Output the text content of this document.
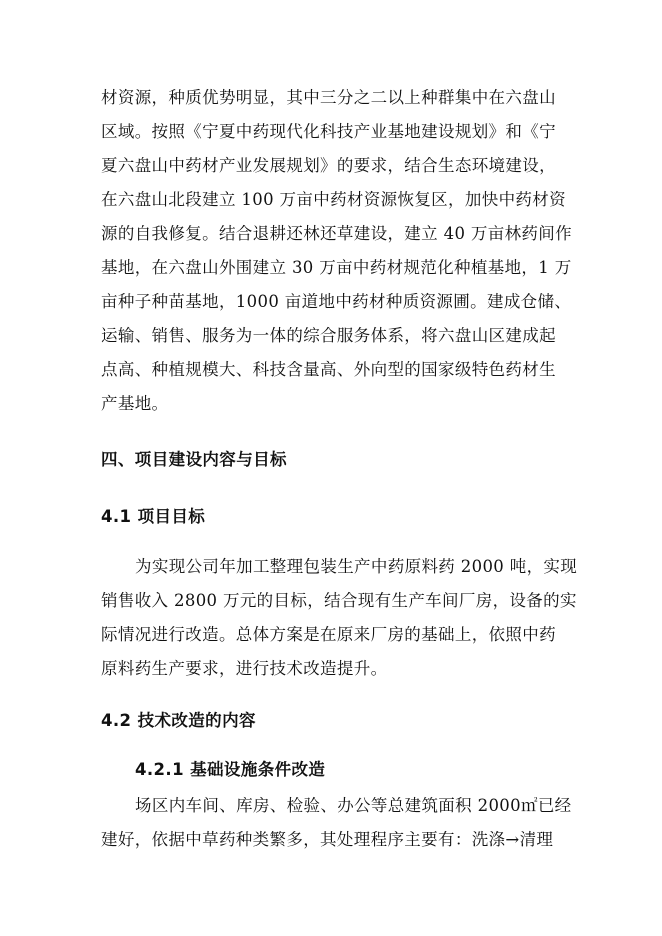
材资源，种质优势明显，其中三分之二以上种群集中在六盘山
区域。按照《宁夏中药现代化科技产业基地建设规划》和《宁
夏六盘山中药材产业发展规划》的要求，结合生态环境建设，
在六盘山北段建立 100 万亩中药材资源恢复区，加快中药材资
源的自我修复。结合退耕还林还草建设，建立 40 万亩林药间作
基地，在六盘山外围建立 30 万亩中药材规范化种植基地，1 万
亩种子种苗基地，1000 亩道地中药材种质资源圃。建成仓储、
运输、销售、服务为一体的综合服务体系，将六盘山区建成起
点高、种植规模大、科技含量高、外向型的国家级特色药材生
产基地。
四、项目建设内容与目标
4.1 项目目标
为实现公司年加工整理包装生产中药原料药 2000 吨，实现
销售收入 2800 万元的目标，结合现有生产车间厂房，设备的实
际情况进行改造。总体方案是在原来厂房的基础上，依照中药
原料药生产要求，进行技术改造提升。
4.2 技术改造的内容
4.2.1 基础设施条件改造
场区内车间、库房、检验、办公等总建筑面积 2000㎡已经
建好，依据中草药种类繁多，其处理程序主要有：洗涤→清理
